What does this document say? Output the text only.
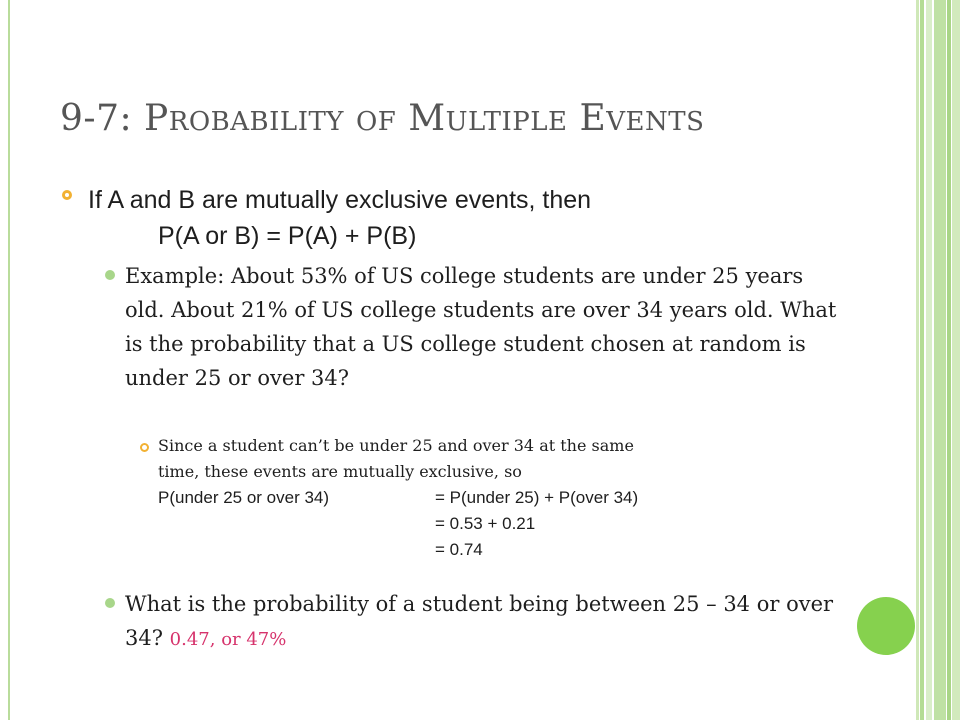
9-7: PROBABILITY OF MULTIPLE EVENTS
If A and B are mutually exclusive events, then
P(A or B) = P(A) + P(B)

Example: About 53% of US college students are under 25 years old. About 21% of US college students are over 34 years old. What is the probability that a US college student chosen at random is under 25 or over 34?

Since a student can’t be under 25 and over 34 at the same
time, these events are mutually exclusive, so
P(under 25 or over 34)	= P(under 25) + P(over 34)
= 0.53 + 0.21
= 0.74

What is the probability of a student being between 25 – 34 or over 34? 0.47, or 47%
